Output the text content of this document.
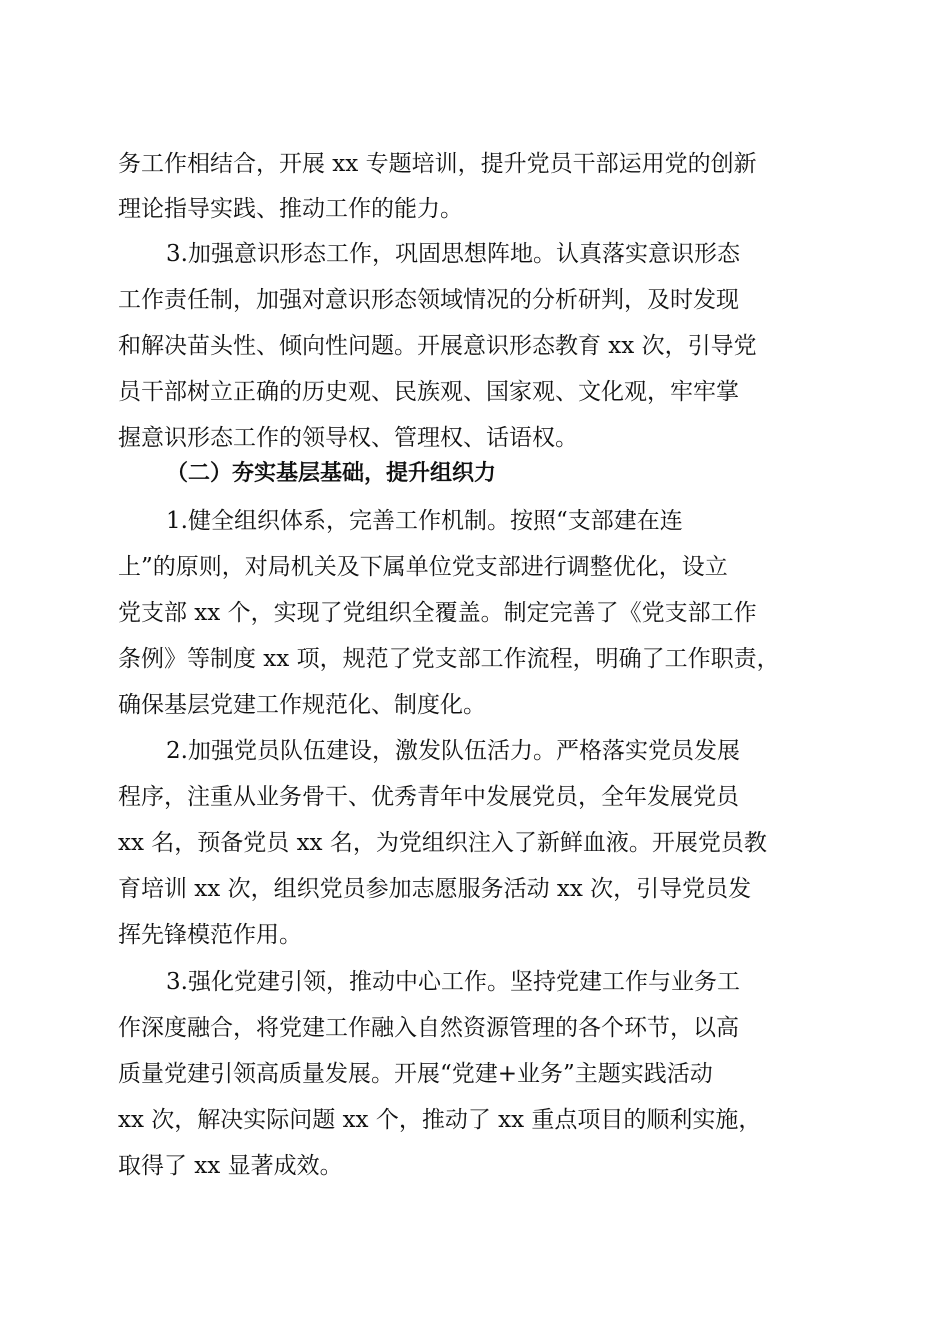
务工作相结合，开展 xx 专题培训，提升党员干部运用党的创新
理论指导实践、推动工作的能力。
3.加强意识形态工作，巩固思想阵地。认真落实意识形态
工作责任制，加强对意识形态领域情况的分析研判，及时发现
和解决苗头性、倾向性问题。开展意识形态教育 xx 次，引导党
员干部树立正确的历史观、民族观、国家观、文化观，牢牢掌
握意识形态工作的领导权、管理权、话语权。
（二）夯实基层基础，提升组织力
1.健全组织体系，完善工作机制。按照“支部建在连
上”的原则，对局机关及下属单位党支部进行调整优化，设立
党支部 xx 个，实现了党组织全覆盖。制定完善了《党支部工作
条例》等制度 xx 项，规范了党支部工作流程，明确了工作职责，
确保基层党建工作规范化、制度化。
2.加强党员队伍建设，激发队伍活力。严格落实党员发展
程序，注重从业务骨干、优秀青年中发展党员，全年发展党员
xx 名，预备党员 xx 名，为党组织注入了新鲜血液。开展党员教
育培训 xx 次，组织党员参加志愿服务活动 xx 次，引导党员发
挥先锋模范作用。
3.强化党建引领，推动中心工作。坚持党建工作与业务工
作深度融合，将党建工作融入自然资源管理的各个环节，以高
质量党建引领高质量发展。开展“党建+业务”主题实践活动
xx 次，解决实际问题 xx 个，推动了 xx 重点项目的顺利实施，
取得了 xx 显著成效。
